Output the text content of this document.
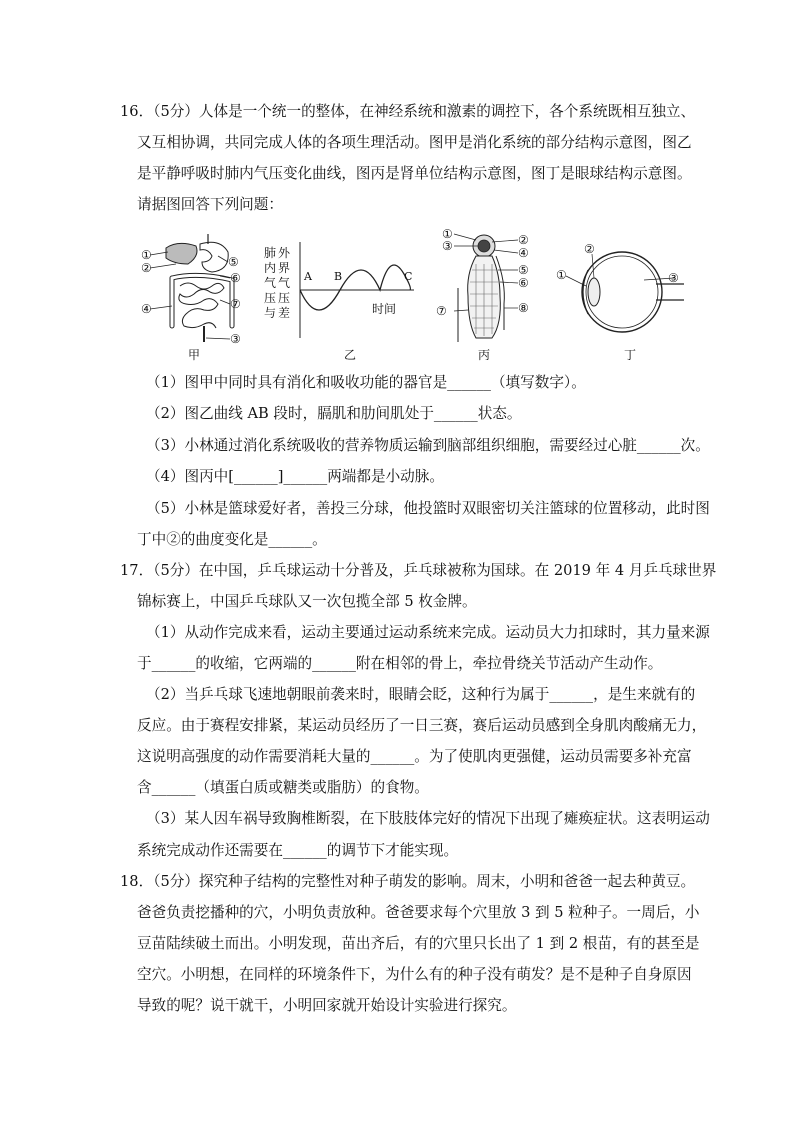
16．（5分）人体是一个统一的整体，在神经系统和激素的调控下，各个系统既相互独立、
又互相协调，共同完成人体的各项生理活动。图甲是消化系统的部分结构示意图，图乙
是平静呼吸时肺内气压变化曲线，图丙是肾单位结构示意图，图丁是眼球结构示意图。
请据图回答下列问题：
①
②
④
⑤
⑥
⑦
③
甲
肺
内
气
压
与
外
界
气
压
差
A B	C
时间
乙
①
③	②
④
⑤
⑥
⑦	⑧
丙
①
②
③
丁
（1）图甲中同时具有消化和吸收功能的器官是______（填写数字）。
（2）图乙曲线 AB 段时，膈肌和肋间肌处于______状态。
（3）小林通过消化系统吸收的营养物质运输到脑部组织细胞，需要经过心脏______次。
（4）图丙中[______]______两端都是小动脉。
（5）小林是篮球爱好者，善投三分球，他投篮时双眼密切关注篮球的位置移动，此时图
丁中②的曲度变化是______。
17．（5分）在中国，乒乓球运动十分普及，乒乓球被称为国球。在 2019 年 4 月乒乓球世界
锦标赛上，中国乒乓球队又一次包揽全部 5 枚金牌。
（1）从动作完成来看，运动主要通过运动系统来完成。运动员大力扣球时，其力量来源
于______的收缩，它两端的______附在相邻的骨上，牵拉骨绕关节活动产生动作。
（2）当乒乓球飞速地朝眼前袭来时，眼睛会眨，这种行为属于______，是生来就有的
反应。由于赛程安排紧，某运动员经历了一日三赛，赛后运动员感到全身肌肉酸痛无力，
这说明高强度的动作需要消耗大量的______。为了使肌肉更强健，运动员需要多补充富
含______（填蛋白质或糖类或脂肪）的食物。
（3）某人因车祸导致胸椎断裂，在下肢肢体完好的情况下出现了瘫痪症状。这表明运动
系统完成动作还需要在______的调节下才能实现。
18．（5分）探究种子结构的完整性对种子萌发的影响。周末，小明和爸爸一起去种黄豆。
爸爸负责挖播种的穴，小明负责放种。爸爸要求每个穴里放 3 到 5 粒种子。一周后，小
豆苗陆续破土而出。小明发现，苗出齐后，有的穴里只长出了 1 到 2 根苗，有的甚至是
空穴。小明想，在同样的环境条件下，为什么有的种子没有萌发？是不是种子自身原因
导致的呢？说干就干，小明回家就开始设计实验进行探究。
